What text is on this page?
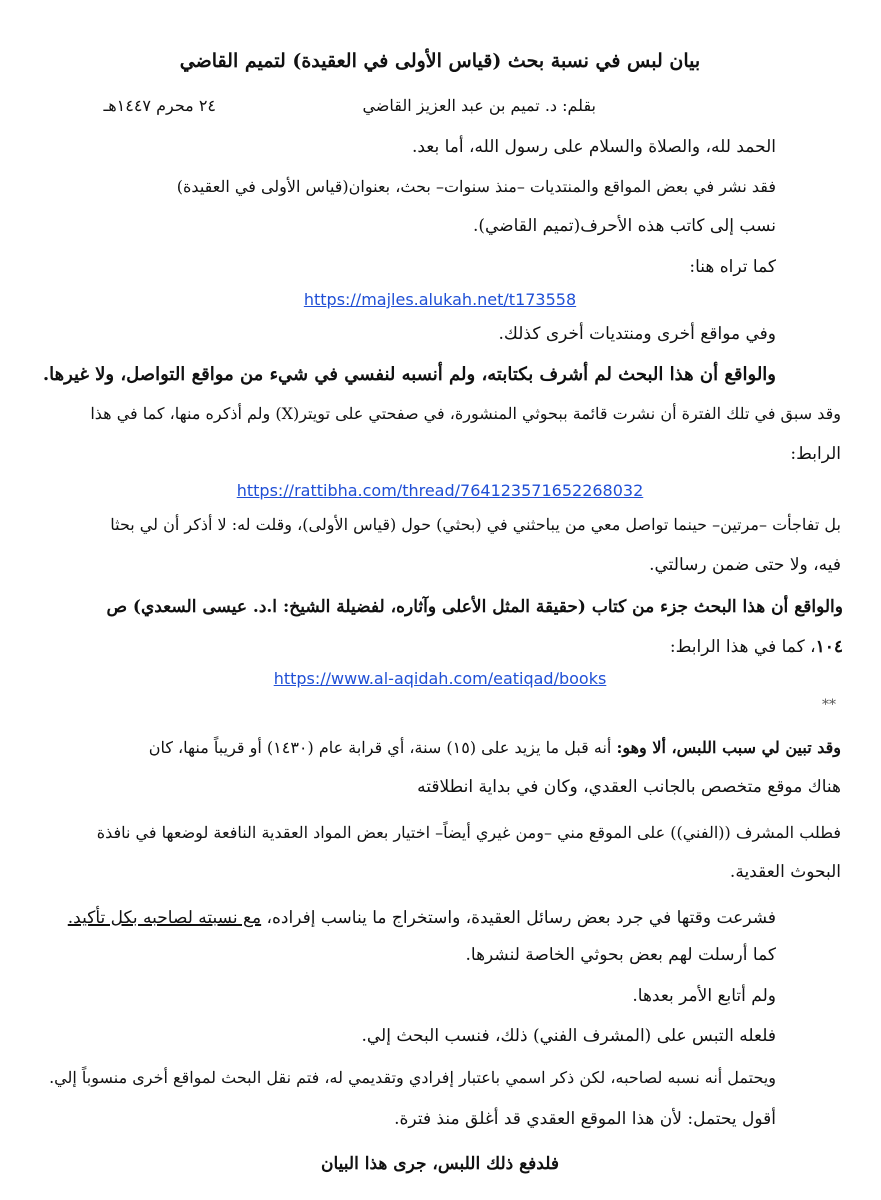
بيان لبس في نسبة بحث (قياس الأولى في العقيدة) لتميم القاضي
بقلم: د. تميم بن عبد العزيز القاضي
٢٤ محرم ١٤٤٧هـ
الحمد لله، والصلاة والسلام على رسول الله، أما بعد.
فقد نشر في بعض المواقع والمنتديات –منذ سنوات– بحث، بعنوان(قياس الأولى في العقيدة)
نسب إلى كاتب هذه الأحرف(تميم القاضي).
كما تراه هنا:
https://majles.alukah.net/t173558
وفي مواقع أخرى ومنتديات أخرى كذلك.
والواقع أن هذا البحث لم أشرف بكتابته، ولم أنسبه لنفسي في شيء من مواقع التواصل، ولا غيرها.
وقد سبق في تلك الفترة أن نشرت قائمة ببحوثي المنشورة، في صفحتي على تويتر(X) ولم أذكره منها، كما في هذا
الرابط:
https://rattibha.com/thread/764123571652268032
بل تفاجأت –مرتين– حينما تواصل معي من يباحثني في (بحثي) حول (قياس الأولى)، وقلت له: لا أذكر أن لي بحثا
فيه، ولا حتى ضمن رسالتي.
والواقع أن هذا البحث جزء من كتاب (حقيقة المثل الأعلى وآثاره، لفضيلة الشيخ: ا.د. عيسى السعدي) ص
١٠٤، كما في هذا الرابط:
https://www.al-aqidah.com/eatiqad/books
**
وقد تبين لي سبب اللبس، ألا وهو: أنه قبل ما يزيد على (١٥) سنة، أي قرابة عام (١٤٣٠) أو قريباً منها، كان
هناك موقع متخصص بالجانب العقدي، وكان في بداية انطلاقته
فطلب المشرف ((الفني)) على الموقع مني –ومن غيري أيضاً– اختيار بعض المواد العقدية النافعة لوضعها في نافذة
البحوث العقدية.
فشرعت وقتها في جرد بعض رسائل العقيدة، واستخراج ما يناسب إفراده، مع نسبته لصاحبه بكل تأكيد.
كما أرسلت لهم بعض بحوثي الخاصة لنشرها.
ولم أتابع الأمر بعدها.
فلعله التبس على (المشرف الفني) ذلك، فنسب البحث إلي.
ويحتمل أنه نسبه لصاحبه، لكن ذكر اسمي باعتبار إفرادي وتقديمي له، فتم نقل البحث لمواقع أخرى منسوباً إلي.
أقول يحتمل: لأن هذا الموقع العقدي قد أغلق منذ فترة.
فلدفع ذلك اللبس، جرى هذا البيان
